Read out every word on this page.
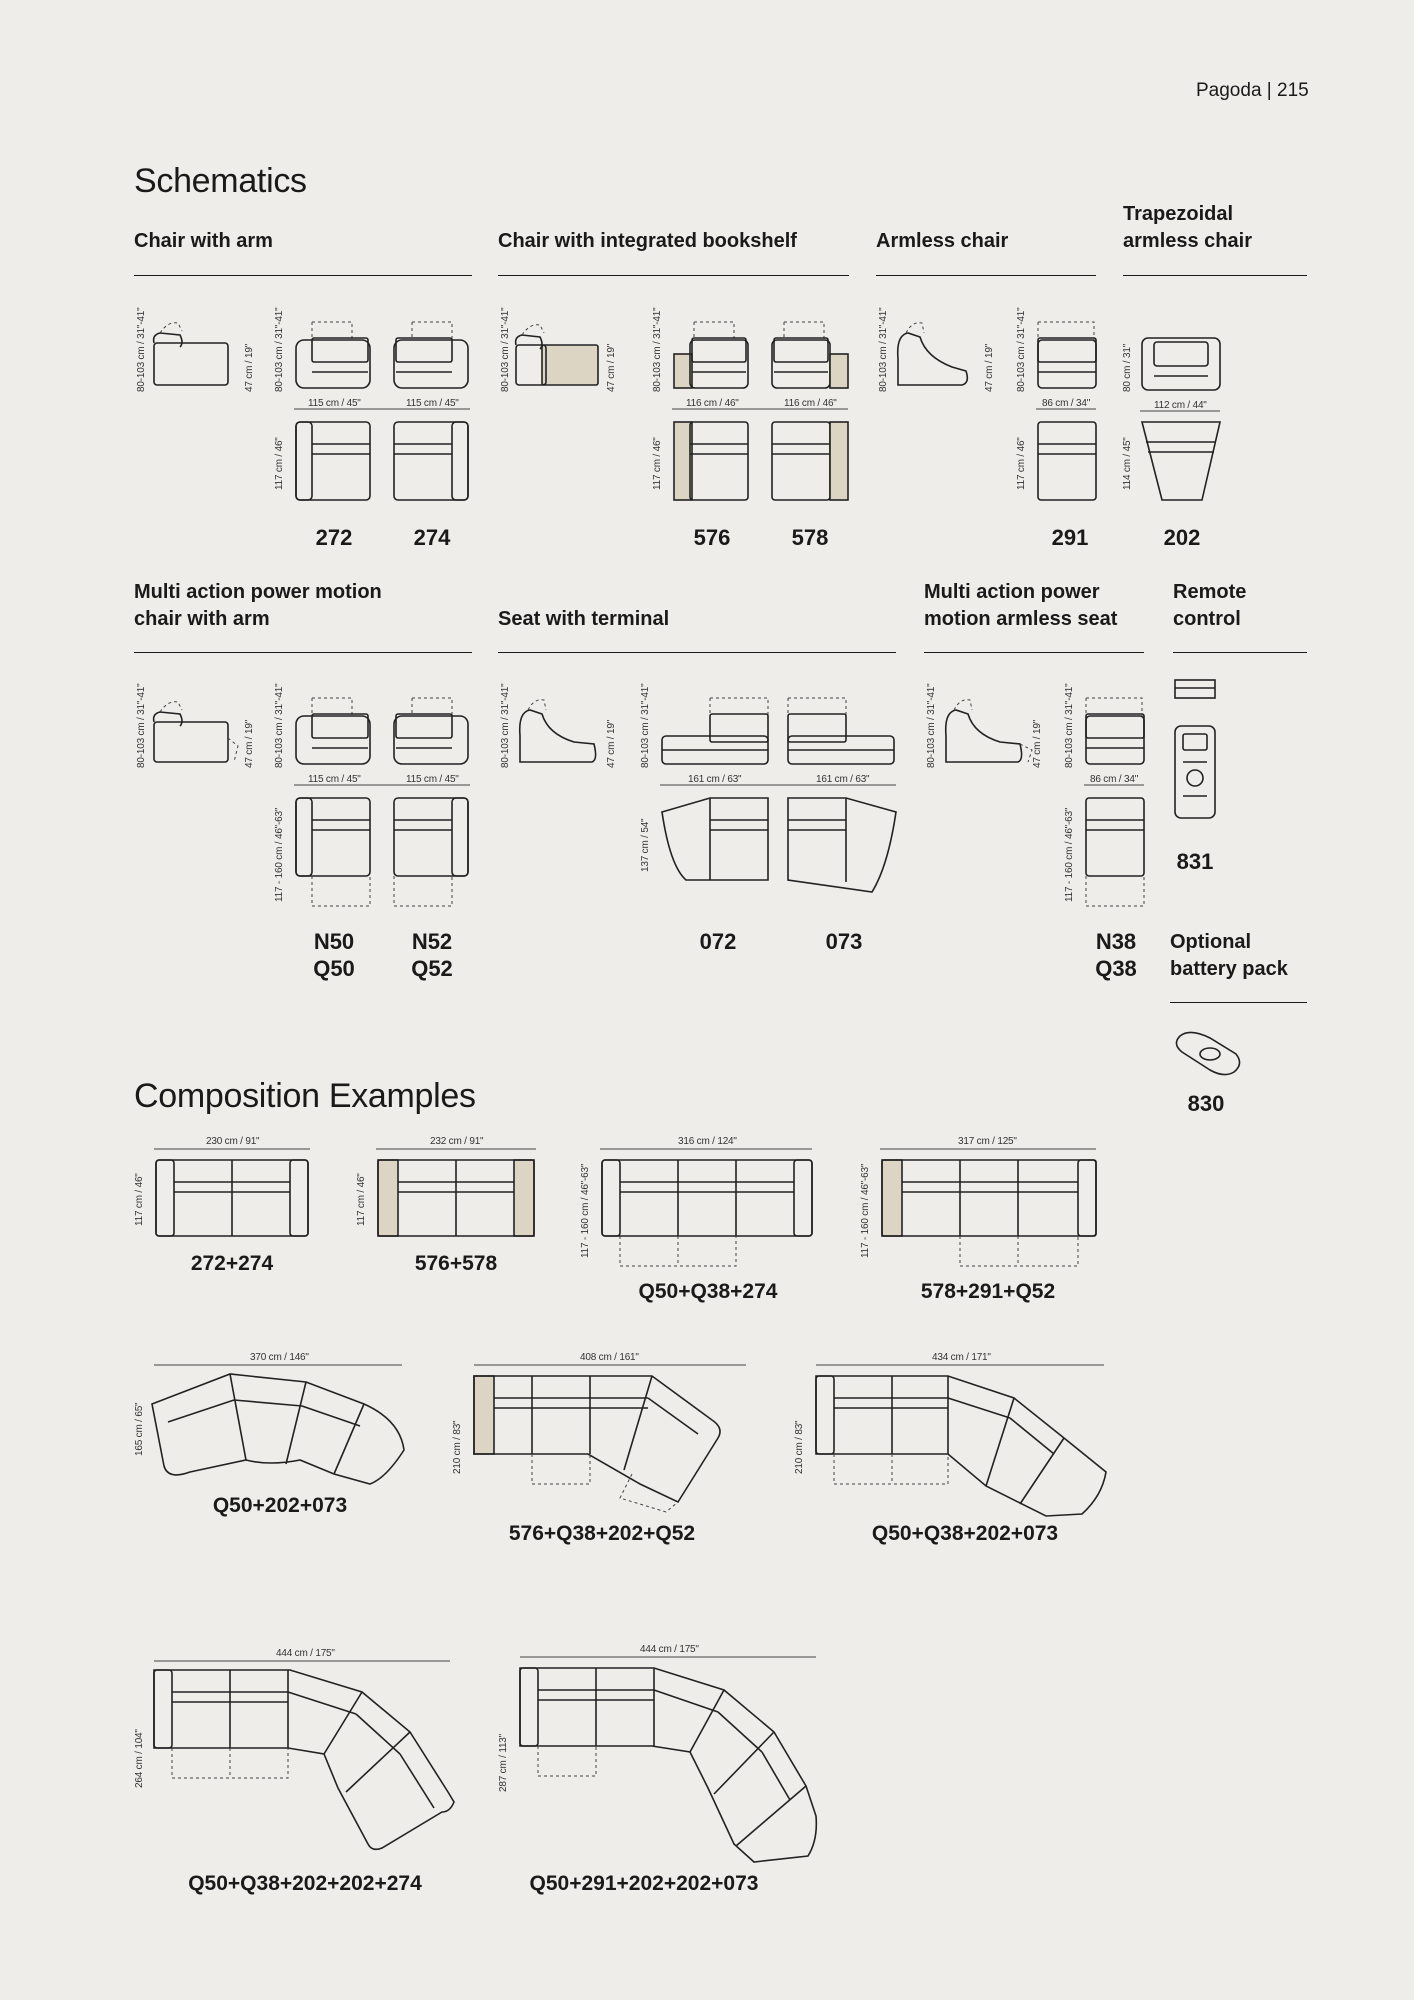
Pagoda | 215
Schematics
Composition Examples
Chair with arm	Chair with integrated bookshelf	Armless chair
Trapezoidal armless chair
Multi action power motion chair with arm	Seat with terminal
Multi action power motion armless seat
Remote control
Optional battery pack
80-103 cm / 31"-41"	47 cm / 19"
115 cm / 45"	115 cm / 45"
117 cm / 46"
80-103 cm / 31"-41"
272	274
80-103 cm / 31"-41"	47 cm / 19"
116 cm / 46"	116 cm / 46"
117 cm / 46"
80-103 cm / 31"-41"
576	578
80-103 cm / 31"-41"	47 cm / 19"
86 cm / 34"
117 cm / 46"
80-103 cm / 31"-41"
291
80 cm / 31"
112 cm / 44"
114 cm / 45"
202
80-103 cm / 31"-41"	47 cm / 19" 80-103 cm / 31"-41"
115 cm / 45"	115 cm / 45"
117 - 160 cm / 46"-63"
N50
Q50
N52
Q52
80-103 cm / 31"-41"	47 cm / 19" 80-103 cm / 31"-41"
161 cm / 63"	161 cm / 63"
137 cm / 54"
072	073
80-103 cm / 31"-41"	47 cm / 19" 80-103 cm / 31"-41"
86 cm / 34"
117 - 160 cm / 46"-63"
N38
Q38
831
830
230 cm / 91"
117 cm / 46"
272+274
232 cm / 91"
117 cm / 46"
576+578
316 cm / 124"
117 - 160 cm / 46"-63"
Q50+Q38+274
317 cm / 125"
117 - 160 cm / 46"-63"
578+291+Q52
370 cm / 146"
165 cm / 65"
Q50+202+073
408 cm / 161"
210 cm / 83"
576+Q38+202+Q52
434 cm / 171"
210 cm / 83"
Q50+Q38+202+073
444 cm / 175"
264 cm / 104"
Q50+Q38+202+202+274
444 cm / 175"
287 cm / 113"
Q50+291+202+202+073
